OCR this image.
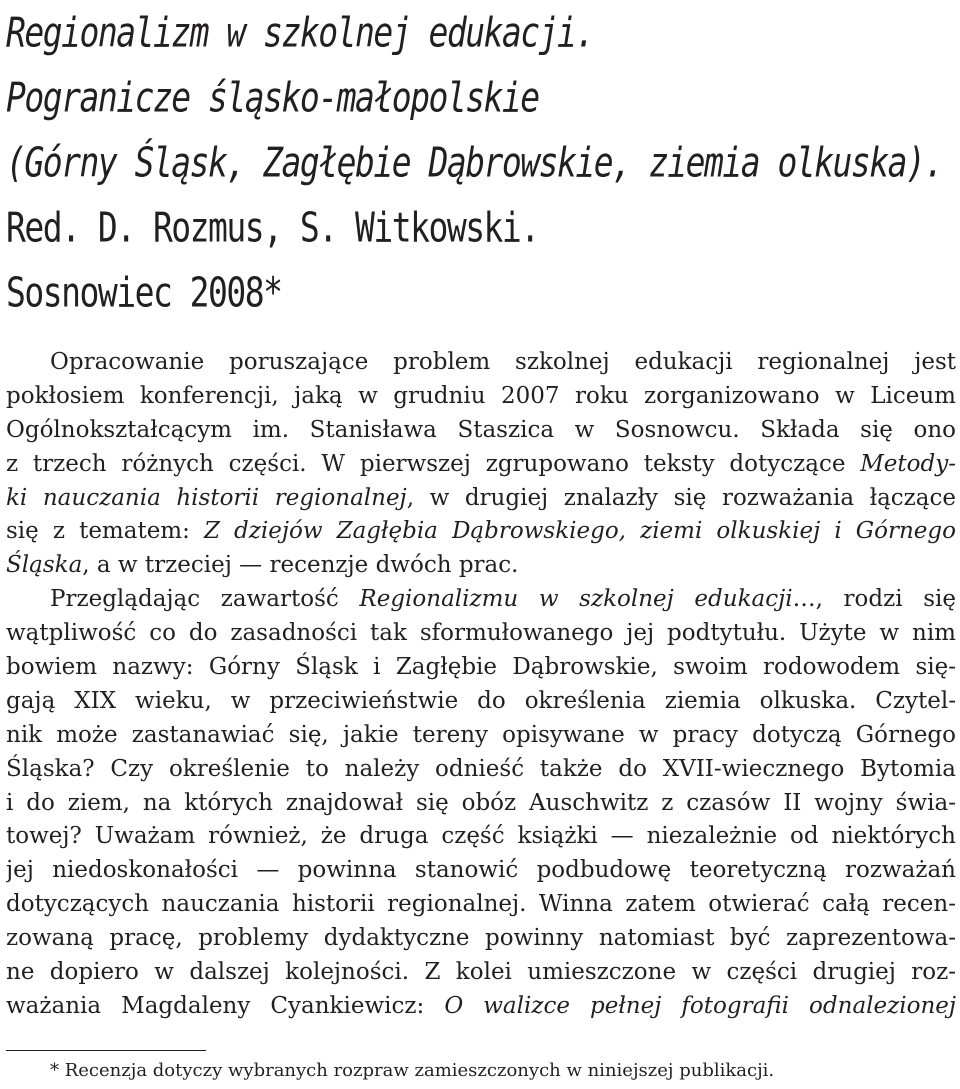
Regionalizm w szkolnej edukacji.
Pogranicze śląsko-małopolskie
(Górny Śląsk, Zagłębie Dąbrowskie, ziemia olkuska).
Red. D. Rozmus, S. Witkowski.
Sosnowiec 2008*
Opracowanie poruszające problem szkolnej edukacji regionalnej jest
pokłosiem konferencji, jaką w grudniu 2007 roku zorganizowano w Liceum
Ogólnokształcącym im. Stanisława Staszica w Sosnowcu. Składa się ono
z trzech różnych części. W pierwszej zgrupowano teksty dotyczące Metody-
ki nauczania historii regionalnej, w drugiej znalazły się rozważania łączące
się z tematem: Z dziejów Zagłębia Dąbrowskiego, ziemi olkuskiej i Górnego
Śląska, a w trzeciej — recenzje dwóch prac.
Przeglądając zawartość Regionalizmu w szkolnej edukacji…, rodzi się
wątpliwość co do zasadności tak sformułowanego jej podtytułu. Użyte w nim
bowiem nazwy: Górny Śląsk i Zagłębie Dąbrowskie, swoim rodowodem się-
gają XIX wieku, w przeciwieństwie do określenia ziemia olkuska. Czytel-
nik może zastanawiać się, jakie tereny opisywane w pracy dotyczą Górnego
Śląska? Czy określenie to należy odnieść także do XVII-wiecznego Bytomia
i do ziem, na których znajdował się obóz Auschwitz z czasów II wojny świa-
towej? Uważam również, że druga część książki — niezależnie od niektórych
jej niedoskonałości — powinna stanowić podbudowę teoretyczną rozważań
dotyczących nauczania historii regionalnej. Winna zatem otwierać całą recen-
zowaną pracę, problemy dydaktyczne powinny natomiast być zaprezentowa-
ne dopiero w dalszej kolejności. Z kolei umieszczone w części drugiej roz-
ważania Magdaleny Cyankiewicz: O walizce pełnej fotografii odnalezionej
* Recenzja dotyczy wybranych rozpraw zamieszczonych w niniejszej publikacji.
